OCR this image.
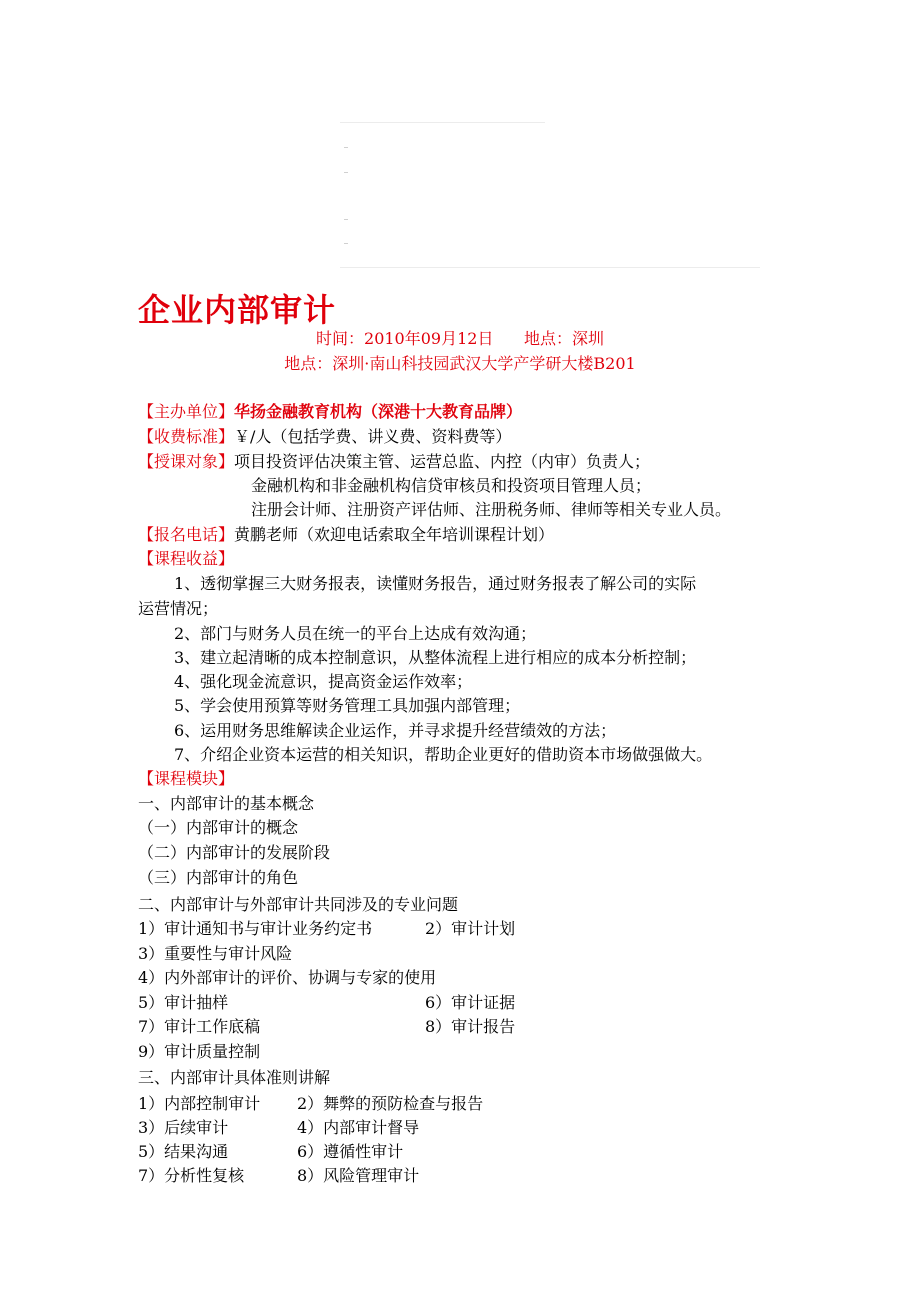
企业内部审计
时间：2010年09月12日      地点：深圳
地点：深圳·南山科技园武汉大学产学研大楼B201
【主办单位】华扬金融教育机构（深港十大教育品牌）
【收费标准】￥/人（包括学费、讲义费、资料费等）
【授课对象】项目投资评估决策主管、运营总监、内控（内审）负责人；
金融机构和非金融机构信贷审核员和投资项目管理人员；
注册会计师、注册资产评估师、注册税务师、律师等相关专业人员。
【报名电话】黄鹏老师（欢迎电话索取全年培训课程计划）
【课程收益】
1、透彻掌握三大财务报表，读懂财务报告，通过财务报表了解公司的实际
运营情况；
2、部门与财务人员在统一的平台上达成有效沟通；
3、建立起清晰的成本控制意识，从整体流程上进行相应的成本分析控制；
4、强化现金流意识，提高资金运作效率；
5、学会使用预算等财务管理工具加强内部管理；
6、运用财务思维解读企业运作，并寻求提升经营绩效的方法；
7、介绍企业资本运营的相关知识，帮助企业更好的借助资本市场做强做大。
【课程模块】
一、内部审计的基本概念
（一）内部审计的概念
（二）内部审计的发展阶段
（三）内部审计的角色
二、内部审计与外部审计共同涉及的专业问题
1）审计通知书与审计业务约定书	2）审计计划
3）重要性与审计风险
4）内外部审计的评价、协调与专家的使用
5）审计抽样	6）审计证据
7）审计工作底稿	8）审计报告
9）审计质量控制
三、内部审计具体准则讲解
1）内部控制审计 2）舞弊的预防检查与报告
3）后续审计	4）内部审计督导
5）结果沟通	6）遵循性审计
7）分析性复核	8）风险管理审计
